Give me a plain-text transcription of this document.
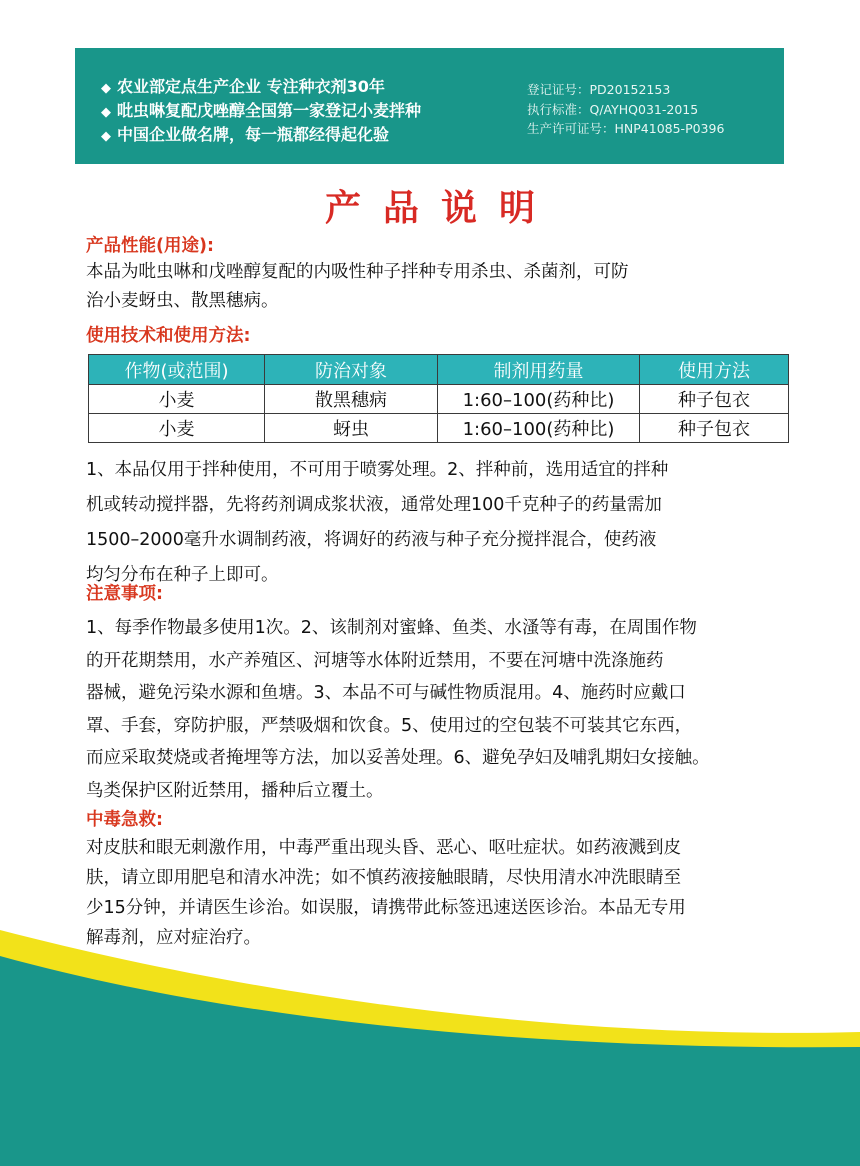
◆ 农业部定点生产企业 专注种衣剂30年
◆ 吡虫啉复配戊唑醇全国第一家登记小麦拌种
◆ 中国企业做名牌，每一瓶都经得起化验
登记证号：PD20152153
执行标准：Q/AYHQ031-2015
生产许可证号：HNP41085-P0396
产品说明
产品性能(用途):
本品为吡虫啉和戊唑醇复配的内吸性种子拌种专用杀虫、杀菌剂，可防
治小麦蚜虫、散黑穗病。
使用技术和使用方法:
作物(或范围)	防治对象	制剂用药量	使用方法
小麦	散黑穗病	1:60–100(药种比)	种子包衣
小麦	蚜虫	1:60–100(药种比)	种子包衣
1、本品仅用于拌种使用，不可用于喷雾处理。2、拌种前，选用适宜的拌种
机或转动搅拌器，先将药剂调成浆状液，通常处理100千克种子的药量需加
1500–2000毫升水调制药液，将调好的药液与种子充分搅拌混合，使药液
均匀分布在种子上即可。
注意事项:
1、每季作物最多使用1次。2、该制剂对蜜蜂、鱼类、水溞等有毒，在周围作物
的开花期禁用，水产养殖区、河塘等水体附近禁用，不要在河塘中洗涤施药
器械，避免污染水源和鱼塘。3、本品不可与碱性物质混用。4、施药时应戴口
罩、手套，穿防护服，严禁吸烟和饮食。5、使用过的空包装不可装其它东西，
而应采取焚烧或者掩埋等方法，加以妥善处理。6、避免孕妇及哺乳期妇女接触。
鸟类保护区附近禁用，播种后立覆土。
中毒急救:
对皮肤和眼无刺激作用，中毒严重出现头昏、恶心、呕吐症状。如药液溅到皮
肤，请立即用肥皂和清水冲洗；如不慎药液接触眼睛，尽快用清水冲洗眼睛至
少15分钟，并请医生诊治。如误服，请携带此标签迅速送医诊治。本品无专用
解毒剂，应对症治疗。
